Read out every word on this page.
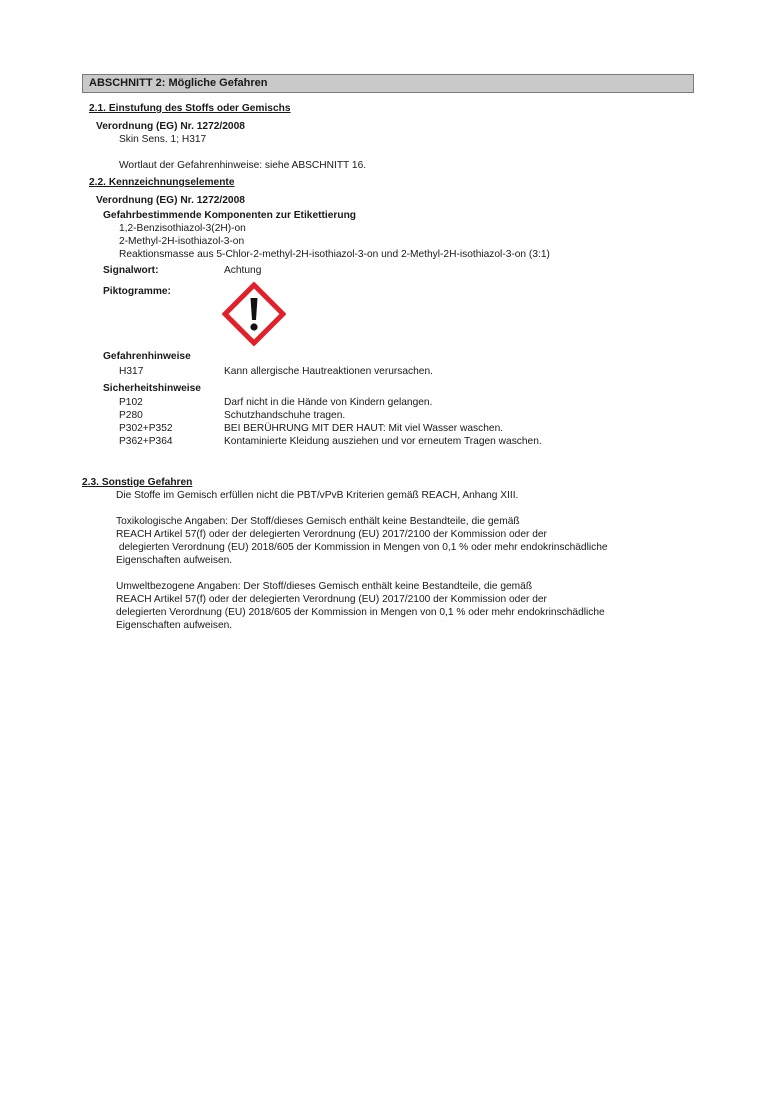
ABSCHNITT 2: Mögliche Gefahren
2.1. Einstufung des Stoffs oder Gemischs
Verordnung (EG) Nr. 1272/2008
Skin Sens. 1; H317
Wortlaut der Gefahrenhinweise: siehe ABSCHNITT 16.
2.2. Kennzeichnungselemente
Verordnung (EG) Nr. 1272/2008
Gefahrbestimmende Komponenten zur Etikettierung
1,2-Benzisothiazol-3(2H)-on
2-Methyl-2H-isothiazol-3-on
Reaktionsmasse aus 5-Chlor-2-methyl-2H-isothiazol-3-on und 2-Methyl-2H-isothiazol-3-on (3:1)
Signalwort:	Achtung
Piktogramme:
Gefahrenhinweise
H317	Kann allergische Hautreaktionen verursachen.
Sicherheitshinweise
P102	Darf nicht in die Hände von Kindern gelangen.
P280	Schutzhandschuhe tragen.
P302+P352	BEI BERÜHRUNG MIT DER HAUT: Mit viel Wasser waschen.
P362+P364	Kontaminierte Kleidung ausziehen und vor erneutem Tragen waschen.
2.3. Sonstige Gefahren
Die Stoffe im Gemisch erfüllen nicht die PBT/vPvB Kriterien gemäß REACH, Anhang XIII.
Toxikologische Angaben: Der Stoff/dieses Gemisch enthält keine Bestandteile, die gemäß
REACH Artikel 57(f) oder der delegierten Verordnung (EU) 2017/2100 der Kommission oder der
delegierten Verordnung (EU) 2018/605 der Kommission in Mengen von 0,1 % oder mehr endokrinschädliche
Eigenschaften aufweisen.
Umweltbezogene Angaben: Der Stoff/dieses Gemisch enthält keine Bestandteile, die gemäß
REACH Artikel 57(f) oder der delegierten Verordnung (EU) 2017/2100 der Kommission oder der
delegierten Verordnung (EU) 2018/605 der Kommission in Mengen von 0,1 % oder mehr endokrinschädliche
Eigenschaften aufweisen.
